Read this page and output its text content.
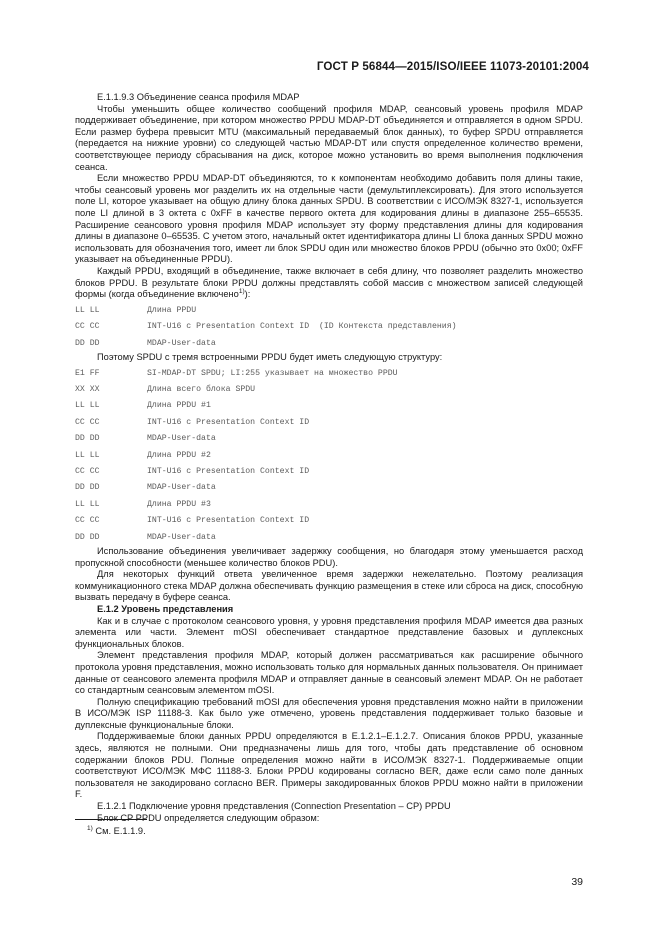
ГОСТ Р 56844—2015/ISO/IEEE 11073-20101:2004

Е.1.1.9.3 Объединение сеанса профиля MDAP

Чтобы уменьшить общее количество сообщений профиля MDAP, сеансовый уровень профиля MDAP поддерживает объединение, при котором множество PPDU MDAP-DT объединяется и отправляется в одном SPDU. Если размер буфера превысит MTU (максимальный передаваемый блок данных), то буфер SPDU отправляется (передается на нижние уровни) со следующей частью MDAP-DT или спустя определенное количество времени, соответствующее периоду сбрасывания на диск, которое можно установить во время выполнения подключения сеанса.

Если множество PPDU MDAP-DT объединяются, то к компонентам необходимо добавить поля длины такие, чтобы сеансовый уровень мог разделить их на отдельные части (демультиплексировать). Для этого используется поле LI, которое указывает на общую длину блока данных SPDU. В соответствии с ИСО/МЭК 8327-1, используется поле LI длиной в 3 октета с 0xFF в качестве первого октета для кодирования длины в диапазоне 255–65535. Расширение сеансового уровня профиля MDAP использует эту форму представления длины для кодирования длины в диапазоне 0–65535. С учетом этого, начальный октет идентификатора длины LI блока данных SPDU можно использовать для обозначения того, имеет ли блок SPDU один или множество блоков PPDU (обычно это 0x00; 0xFF указывает на объединенные PPDU).

Каждый PPDU, входящий в объединение, также включает в себя длину, что позволяет разделить множество блоков PPDU. В результате блоки PPDU должны представлять собой массив с множеством записей следующей формы (когда объединение включено$^{1)}$):

LL LL	Длина PPDU
CC CC	INT-U16 с Presentation Context ID  (ID Контекста представления)
DD DD	MDAP-User-data

Поэтому SPDU с тремя встроенными PPDU будет иметь следующую структуру:

E1 FF	SI-MDAP-DT SPDU; LI:255 указывает на множество PPDU
XX XX	Длина всего блока SPDU
LL LL	Длина PPDU #1
CC CC	INT-U16 с Presentation Context ID
DD DD	MDAP-User-data
LL LL	Длина PPDU #2
CC CC	INT-U16 с Presentation Context ID
DD DD	MDAP-User-data
LL LL	Длина PPDU #3
CC CC	INT-U16 с Presentation Context ID
DD DD	MDAP-User-data

Использование объединения увеличивает задержку сообщения, но благодаря этому уменьшается расход пропускной способности (меньшее количество блоков PDU).

Для некоторых функций ответа увеличенное время задержки нежелательно. Поэтому реализация коммуникационного стека MDAP должна обеспечивать функцию размещения в стеке или сброса на диск, способную вызвать передачу в буфере сеанса.

Е.1.2 Уровень представления

Как и в случае с протоколом сеансового уровня, у уровня представления профиля MDAP имеется два разных элемента или части. Элемент mOSI обеспечивает стандартное представление базовых и дуплексных функциональных блоков.

Элемент представления профиля MDAP, который должен рассматриваться как расширение обычного протокола уровня представления, можно использовать только для нормальных данных пользователя. Он принимает данные от сеансового элемента профиля MDAP и отправляет данные в сеансовый элемент MDAP. Он не работает со стандартным сеансовым элементом mOSI.

Полную спецификацию требований mOSI для обеспечения уровня представления можно найти в приложении В ИСО/МЭК ISP 11188-3. Как было уже отмечено, уровень представления поддерживает только базовые и дуплексные функциональные блоки.

Поддерживаемые блоки данных PPDU определяются в Е.1.2.1–Е.1.2.7. Описания блоков PPDU, указанные здесь, являются не полными. Они предназначены лишь для того, чтобы дать представление об основном содержании блоков PDU. Полные определения можно найти в ИСО/МЭК 8327-1. Поддерживаемые опции соответствуют ИСО/МЭК МФС 11188-3. Блоки PPDU кодированы согласно BER, даже если само поле данных пользователя не закодировано согласно BER. Примеры закодированных блоков PPDU можно найти в приложении F.

Е.1.2.1 Подключение уровня представления (Connection Presentation – CP) PPDU

Блок CP PPDU определяется следующим образом:

$^{1)}$ См. Е.1.1.9.
39
